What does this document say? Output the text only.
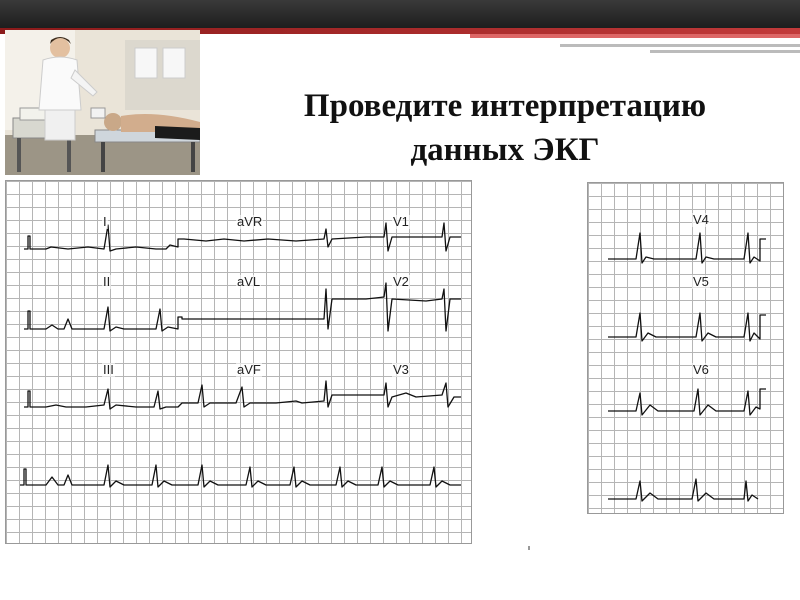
Проведите интерпретацию
данных ЭКГ
I	aVR	V1
II	aVL	V2
III	aVF	V3
V4
V5
V6
